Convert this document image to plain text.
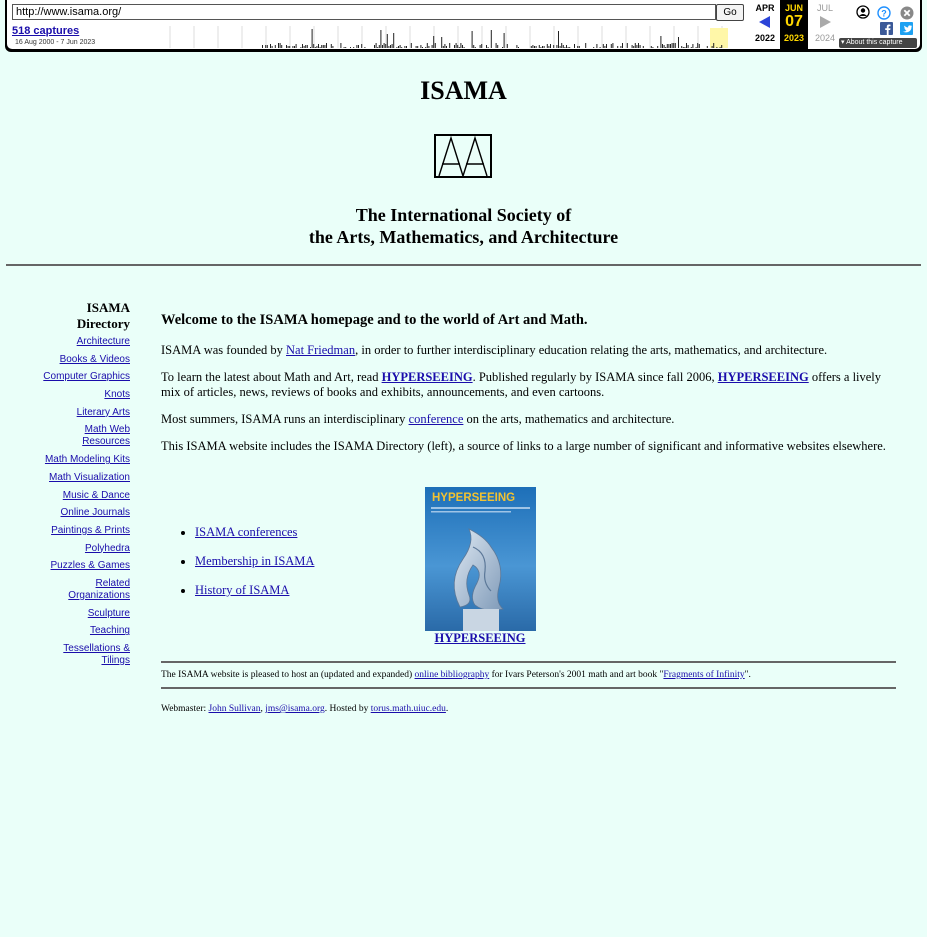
http://www.isama.org/	Go
518 captures
16 Aug 2000 - 7 Jun 2023
APR
2022
JUN
07
2023
JUL
2024
?
▾ About this capture
ISAMA
The International Society of
the Arts, Mathematics, and Architecture
ISAMA
Directory
Architecture
Books & Videos
Computer Graphics
Knots
Literary Arts
Math Web
Resources
Math Modeling Kits
Math Visualization
Music & Dance
Online Journals
Paintings & Prints
Polyhedra
Puzzles & Games
Related
Organizations
Sculpture
Teaching
Tessellations &
Tilings
Welcome to the ISAMA homepage and to the world of Art and Math.

ISAMA was founded by Nat Friedman, in order to further interdisciplinary education relating the arts, mathematics, and architecture.

To learn the latest about Math and Art, read HYPERSEEING. Published regularly by ISAMA since fall 2006, HYPERSEEING offers a lively mix of articles, news, reviews of books and exhibits, announcements, and even cartoons.

Most summers, ISAMA runs an interdisciplinary conference on the arts, mathematics and architecture.

This ISAMA website includes the ISAMA Directory (left), a source of links to a large number of significant and informative websites elsewhere.

• ISAMA conferences
• Membership in ISAMA
• History of ISAMA
HYPERSEEING
HYPERSEEING
The ISAMA website is pleased to host an (updated and expanded) online bibliography for Ivars Peterson's 2001 math and art book "Fragments of Infinity".
Webmaster: John Sullivan, jms@isama.org. Hosted by torus.math.uiuc.edu.
